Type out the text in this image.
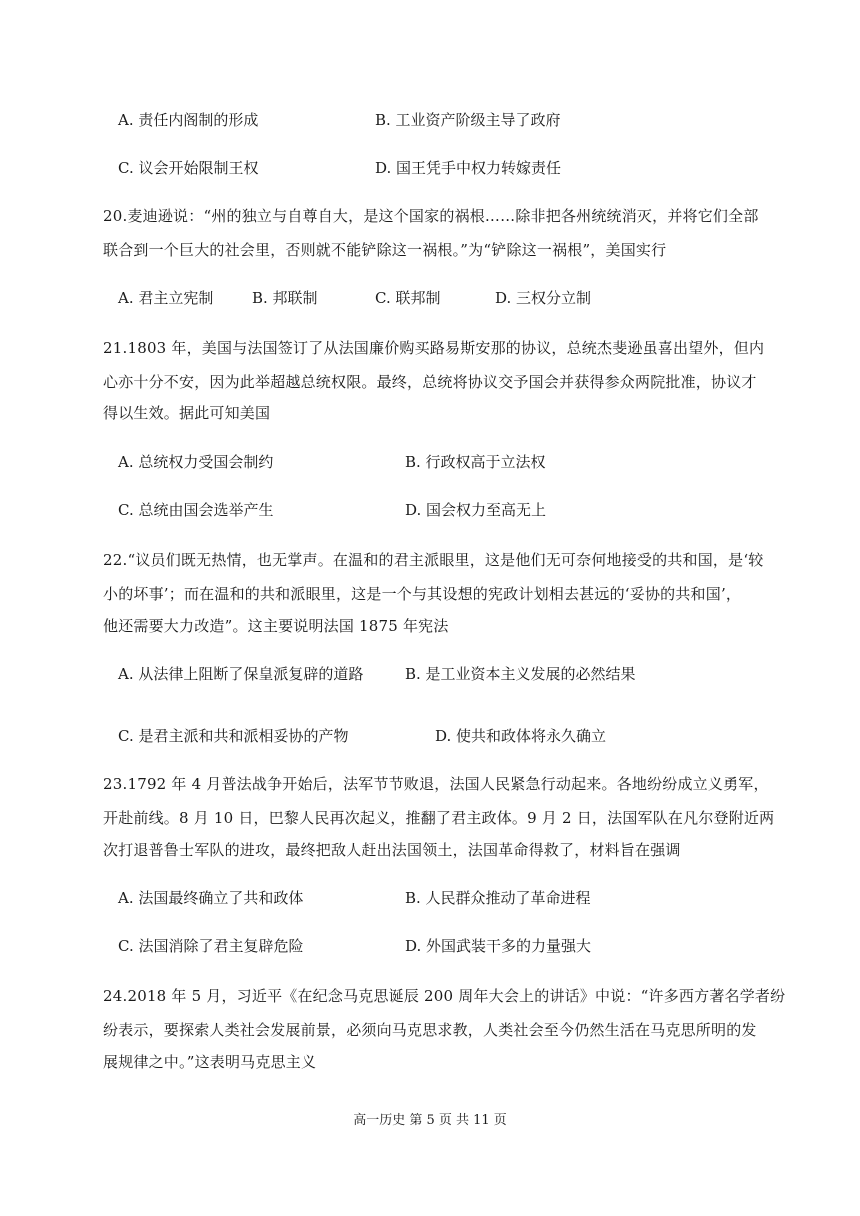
A. 责任内阁制的形成	B. 工业资产阶级主导了政府
C. 议会开始限制王权	D. 国王凭手中权力转嫁责任
20.麦迪逊说：“州的独立与自尊自大，是这个国家的祸根……除非把各州统统消灭，并将它们全部
联合到一个巨大的社会里，否则就不能铲除这一祸根。”为“铲除这一祸根”，美国实行
A. 君主立宪制	B. 邦联制	C. 联邦制	D. 三权分立制
21.1803 年，美国与法国签订了从法国廉价购买路易斯安那的协议，总统杰斐逊虽喜出望外，但内
心亦十分不安，因为此举超越总统权限。最终，总统将协议交予国会并获得参众两院批准，协议才
得以生效。据此可知美国
A. 总统权力受国会制约	B. 行政权高于立法权
C. 总统由国会选举产生	D. 国会权力至高无上
22.“议员们既无热情，也无掌声。在温和的君主派眼里，这是他们无可奈何地接受的共和国，是‘较
小的坏事’；而在温和的共和派眼里，这是一个与其设想的宪政计划相去甚远的‘妥协的共和国’，
他还需要大力改造”。这主要说明法国 1875 年宪法
A. 从法律上阻断了保皇派复辟的道路	B. 是工业资本主义发展的必然结果
C. 是君主派和共和派相妥协的产物	D. 使共和政体将永久确立
23.1792 年 4 月普法战争开始后，法军节节败退，法国人民紧急行动起来。各地纷纷成立义勇军，
开赴前线。8 月 10 日，巴黎人民再次起义，推翻了君主政体。9 月 2 日，法国军队在凡尔登附近两
次打退普鲁士军队的进攻，最终把敌人赶出法国领土，法国革命得救了，材料旨在强调
A. 法国最终确立了共和政体	B. 人民群众推动了革命进程
C. 法国消除了君主复辟危险	D. 外国武装干多的力量强大
24.2018 年 5 月，习近平《在纪念马克思诞辰 200 周年大会上的讲话》中说：“许多西方著名学者纷
纷表示，要探索人类社会发展前景，必须向马克思求教，人类社会至今仍然生活在马克思所明的发
展规律之中。”这表明马克思主义
高一历史 第 5 页 共 11 页
